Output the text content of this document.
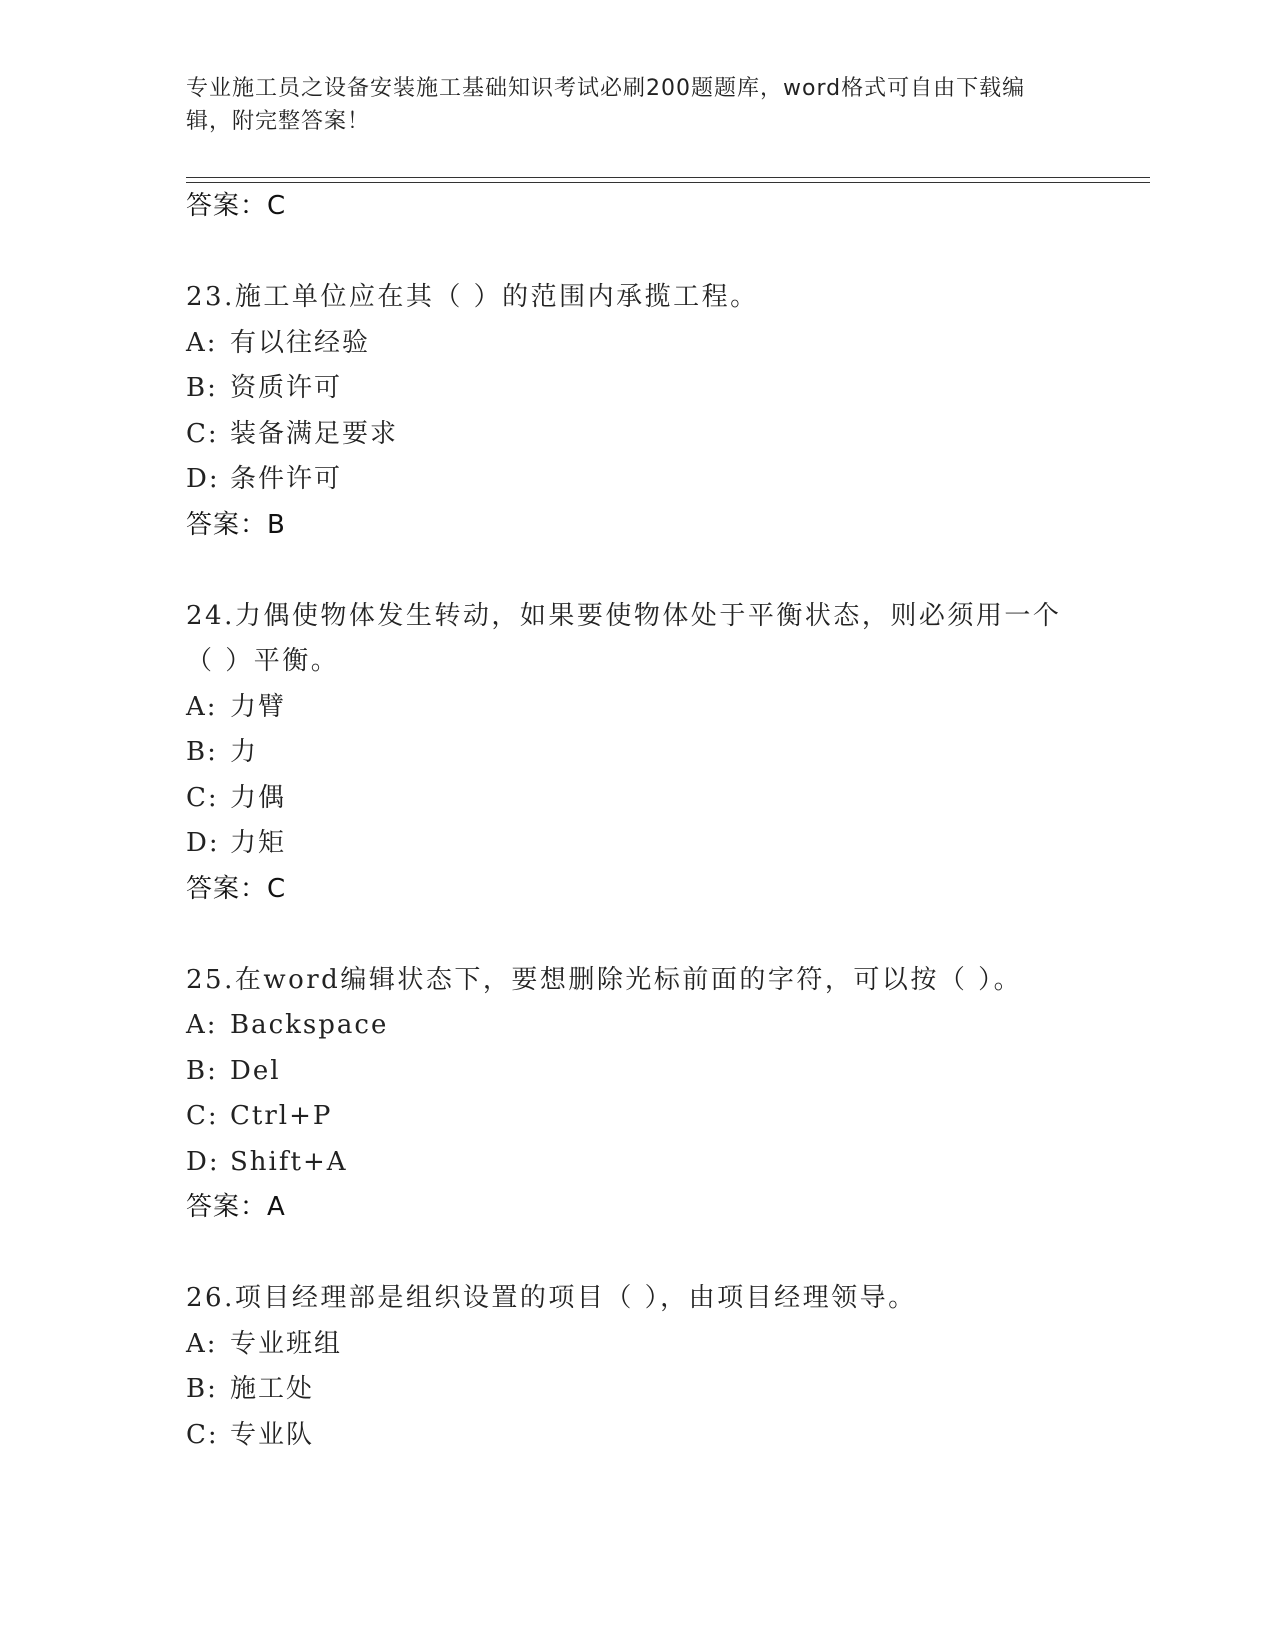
专业施工员之设备安装施工基础知识考试必刷200题题库，word格式可自由下载编辑，附完整答案！
答案：C
23.施工单位应在其（ ）的范围内承揽工程。
A: 有以往经验
B: 资质许可
C: 装备满足要求
D: 条件许可
答案：B
24.力偶使物体发生转动，如果要使物体处于平衡状态，则必须用一个（ ）平衡。
A: 力臂
B: 力
C: 力偶
D: 力矩
答案：C
25.在word编辑状态下，要想删除光标前面的字符，可以按（ ）。
A: Backspace
B: Del
C: Ctrl+P
D: Shift+A
答案：A
26.项目经理部是组织设置的项目（ ），由项目经理领导。
A: 专业班组
B: 施工处
C: 专业队
